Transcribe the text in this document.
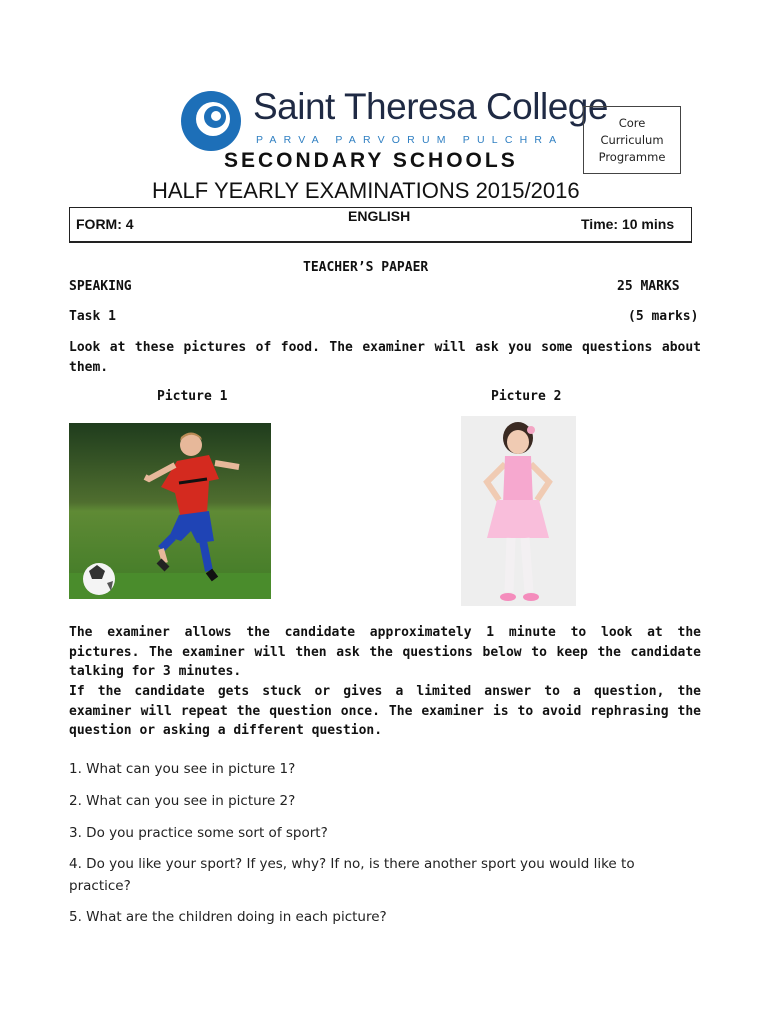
Saint Theresa College
PARVA PARVORUM PULCHRA
Core
Curriculum
Programme
SECONDARY SCHOOLS
HALF YEARLY EXAMINATIONS 2015/2016
FORM: 4	ENGLISH	Time: 10 mins
TEACHER’S PAPAER
SPEAKING	25 MARKS
Task 1	(5 marks)
Look at these pictures of food. The examiner will ask you some questions about them.
Picture 1	Picture 2
The examiner allows the candidate approximately 1 minute to look at the pictures. The examiner will then ask the questions below to keep the candidate talking for 3 minutes.
If the candidate gets stuck or gives a limited answer to a question, the examiner will repeat the question once. The examiner is to avoid rephrasing the question or asking a different question.
1. What can you see in picture 1?
2. What can you see in picture 2?
3. Do you practice some sort of sport?
4. Do you like your sport? If yes, why? If no, is there another sport you would like to
practice?
5. What are the children doing in each picture?
